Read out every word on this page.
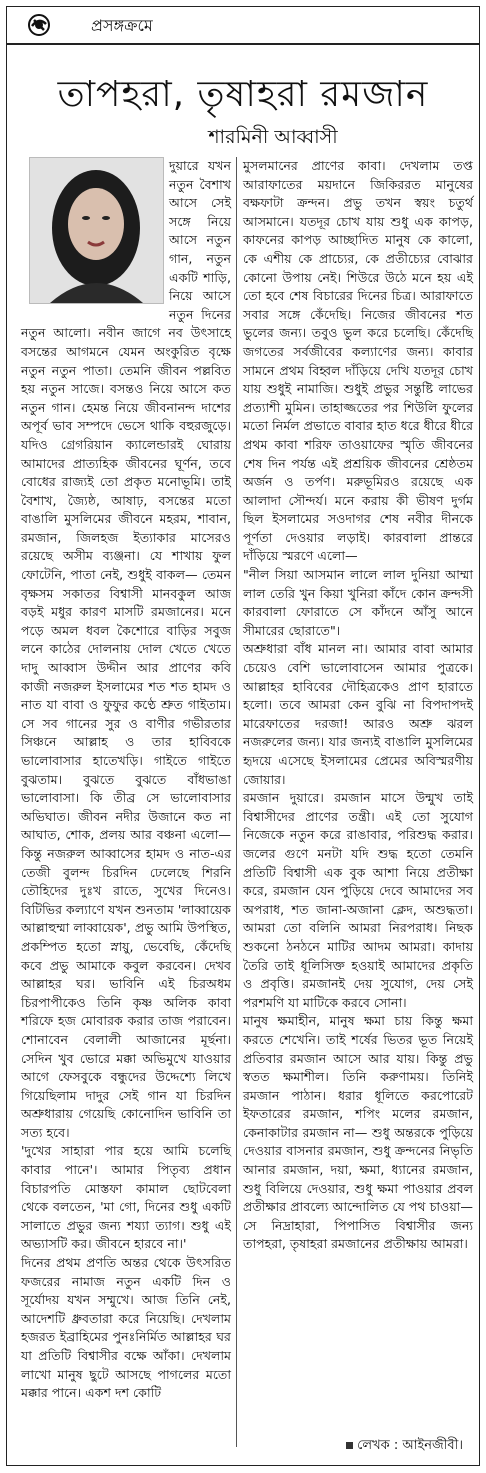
প্রসঙ্গক্রমে
তাপহরা, তৃষাহরা রমজান
শারমিনী আব্বাসী

দুয়ারে যখন নতুন বৈশাখ আসে সেই সঙ্গে নিয়ে আসে নতুন গান, নতুন একটি শাড়ি, নিয়ে আসে নতুন দিনের নতুন আলো। নবীন জাগে নব উৎসাহে বসন্তের আগমনে যেমন অংকুরিত বৃক্ষে নতুন নতুন পাতা। তেমনি জীবন পল্লবিত হয় নতুন সাজে। বসন্তও নিয়ে আসে কত নতুন গান। হেমন্ত নিয়ে জীবনানন্দ দাশের অপূর্ব ভাব সম্পদে ভেসে থাকি বহুরজুড়ে। যদিও গ্রেগরিয়ান ক্যালেন্ডারই ঘোরায় আমাদের প্রাত্যহিক জীবনের ঘূর্ণন, তবে বোধের রাজ্যই তো প্রকৃত মনোভূমি। তাই বৈশাখ, জ্যৈষ্ঠ, আষাঢ়, বসন্তের মতো বাঙালি মুসলিমের জীবনে মহরম, শাবান, রমজান, জিলহজ ইত্যাকার মাসেরও রয়েছে অসীম ব্যঞ্জনা। যে শাখায় ফুল ফোটেনি, পাতা নেই, শুধুই বাকল— তেমন বৃক্ষসম সকাতর বিশ্বাসী মানবকুল আজ বড়ই মধুর কারণ মাসটি রমজানের। মনে পড়ে অমল ধবল কৈশোরে বাড়ির সবুজ লনে কাঠের দোলনায় দোল খেতে খেতে দাদু আব্বাস উদ্দীন আর প্রাণের কবি কাজী নজরুল ইসলামের শত শত হামদ ও নাত যা বাবা ও ফুফুর কণ্ঠে শ্রুত গাইতাম। সে সব গানের সুর ও বাণীর গভীরতার সিঞ্চনে আল্লাহ ও তার হাবিবকে ভালোবাসার হাতেখড়ি। গাইতে গাইতে বুঝতাম। বুঝতে বুঝতে বাঁধভাঙা ভালোবাসা। কি তীব্র সে ভালোবাসার অভিঘাত। জীবন নদীর উজানে কত না আঘাত, শোক, প্রলয় আর বঞ্চনা এলো— কিন্তু নজরুল আব্বাসের হামদ ও নাত-এর তেজী বুলন্দ চিরদিন ঢেলেছে শিরনি তৌহিদের দুঃখ রাতে, সুখের দিনেও। বিটিভির কল্যাণে যখন শুনতাম 'লাব্বায়েক আল্লাহুম্মা লাব্বায়েক', প্রভু আমি উপস্থিত, প্রকম্পিত হতো স্নায়ু, ভেবেছি, কেঁদেছি কবে প্রভু আমাকে কবুল করবেন। দেখব আল্লাহর ঘর। ভাবিনি এই চিরঅধম চিরপাপীকেও তিনি কৃষ্ণ অলিক কাবা শরিফে হজ মোবারক করার তাজ পরাবেন। শোনাবেন বেলালী আজানের মূর্ছনা। সেদিন খুব ভোরে মক্কা অভিমুখে যাওয়ার আগে ফেসবুকে বন্ধুদের উদ্দেশ্যে লিখে গিয়েছিলাম দাদুর সেই গান যা চিরদিন অশ্রুধারায় গেয়েছি কোনোদিন ভাবিনি তা সত্য হবে।

'দুখের সাহারা পার হয়ে আমি চলেছি কাবার পানে'। আমার পিতৃব্য প্রধান বিচারপতি মোস্তফা কামাল ছোটবেলা থেকে বলতেন, 'মা গো, দিনের শুধু একটি সালাতে প্রভুর জন্য শয্যা ত্যাগ। শুধু এই অভ্যাসটি কর। জীবনে হারবে না।'

দিনের প্রথম প্রণতি অন্তর থেকে উৎসরিত ফজরের নামাজ নতুন একটি দিন ও সূর্যোদয় যখন সম্মুখে। আজ তিনি নেই, আদেশটি ধ্রুবতারা করে নিয়েছি। দেখলাম হজরত ইব্রাহিমের পুনঃনির্মিত আল্লাহর ঘর যা প্রতিটি বিশ্বাসীর বক্ষে আঁকা। দেখলাম লাখো মানুষ ছুটে আসছে পাগলের মতো মক্কার পানে। একশ দশ কোটি

মুসলমানের প্রাণের কাবা। দেখলাম তপ্ত আরাফাতের ময়দানে জিকিররত মানুষের বক্ষফাটা ক্রন্দন। প্রভু তখন স্বয়ং চতুর্থ আসমানে। যতদূর চোখ যায় শুধু এক কাপড়, কাফনের কাপড় আচ্ছাদিত মানুষ কে কালো, কে এশীয় কে প্রাচ্যের, কে প্রতীচ্যের বোঝার কোনো উপায় নেই। শিউরে উঠে মনে হয় এই তো হবে শেষ বিচারের দিনের চিত্র। আরাফাতে সবার সঙ্গে কেঁদেছি। নিজের জীবনের শত ভুলের জন্য। তবুও ভুল করে চলেছি। কেঁদেছি জগতের সর্বজীবের কল্যাণের জন্য। কাবার সামনে প্রথম বিহ্বল দাঁড়িয়ে দেখি যতদূর চোখ যায় শুধুই নামাজি। শুধুই প্রভুর সন্তুষ্টি লাভের প্রত্যাশী মুমিন। তাহাজ্জতের পর শিউলি ফুলের মতো নির্মল প্রভাতে বাবার হাত ধরে ধীরে ধীরে প্রথম কাবা শরিফ তাওয়াফের স্মৃতি জীবনের শেষ দিন পর্যন্ত এই প্রশ্রয়িক জীবনের শ্রেষ্ঠতম অর্জন ও তর্পণ। মরুভূমিরও রয়েছে এক আলাদা সৌন্দর্য। মনে করায় কী ভীষণ দুর্গম ছিল ইসলামের সওদাগর শেষ নবীর দীনকে পূর্ণতা দেওয়ার লড়াই। কারবালা প্রান্তরে দাঁড়িয়ে স্মরণে এলো—

"নীল সিয়া আসমান লালে লাল দুনিয়া আম্মা লাল তেরি খুন কিয়া খুনিরা কাঁদে কোন ক্রন্দসী কারবালা ফোরাতে সে কাঁদনে আঁসু আনে সীমারের ছোরাতে"।

অশ্রুধারা বাঁধ মানল না। আমার বাবা আমার চেয়েও বেশি ভালোবাসেন আমার পুত্রকে। আল্লাহর হাবিবের দৌহিত্রকেও প্রাণ হারাতে হলো। তবে আমরা কেন বুঝি না বিপদাপদই মারেফাতের দরজা! আরও অশ্রু ঝরল নজরুলের জন্য। যার জন্যই বাঙালি মুসলিমের হৃদয়ে এসেছে ইসলামের প্রেমের অবিস্মরণীয় জোয়ার।

রমজান দুয়ারে। রমজান মাসে উন্মুখ তাই বিশ্বাসীদের প্রাণের তন্ত্রী। এই তো সুযোগ নিজেকে নতুন করে রাঙাবার, পরিশুদ্ধ করার। জলের গুণে মনটা যদি শুদ্ধ হতো তেমনি প্রতিটি বিশ্বাসী এক বুক আশা নিয়ে প্রতীক্ষা করে, রমজান যেন পুড়িয়ে দেবে আমাদের সব অপরাধ, শত জানা-অজানা ক্লেদ, অশুদ্ধতা। আমরা তো বলিনি আমরা নিরপরাধ। নিছক শুকনো ঠনঠনে মাটির আদম আমরা। কাদায় তৈরি তাই ধূলিসিক্ত হওয়াই আমাদের প্রকৃতি ও প্রবৃত্তি। রমজানই দেয় সুযোগ, দেয় সেই পরশমণি যা মাটিকে করবে সোনা।

মানুষ ক্ষমাহীন, মানুষ ক্ষমা চায় কিন্তু ক্ষমা করতে শেখেনি। তাই শর্ষের ভিতর ভূত নিয়েই প্রতিবার রমজান আসে আর যায়। কিন্তু প্রভু স্বতত ক্ষমাশীল। তিনি করুণাময়। তিনিই রমজান পাঠান। ধরার ধূলিতে করপোরেট ইফতারের রমজান, শপিং মলের রমজান, কেনাকাটার রমজান না— শুধু অন্তরকে পুড়িয়ে দেওয়ার বাসনার রমজান, শুধু ক্রন্দনের নিভৃতি আনার রমজান, দয়া, ক্ষমা, ধ্যানের রমজান, শুধু বিলিয়ে দেওয়ার, শুধু ক্ষমা পাওয়ার প্রবল প্রতীক্ষার প্রাবল্যে আন্দোলিত যে পথ চাওয়া— সে নিদ্রাহারা, পিপাসিত বিশ্বাসীর জন্য তাপহরা, তৃষাহরা রমজানের প্রতীক্ষায় আমরা।

লেখক : আইনজীবী।
